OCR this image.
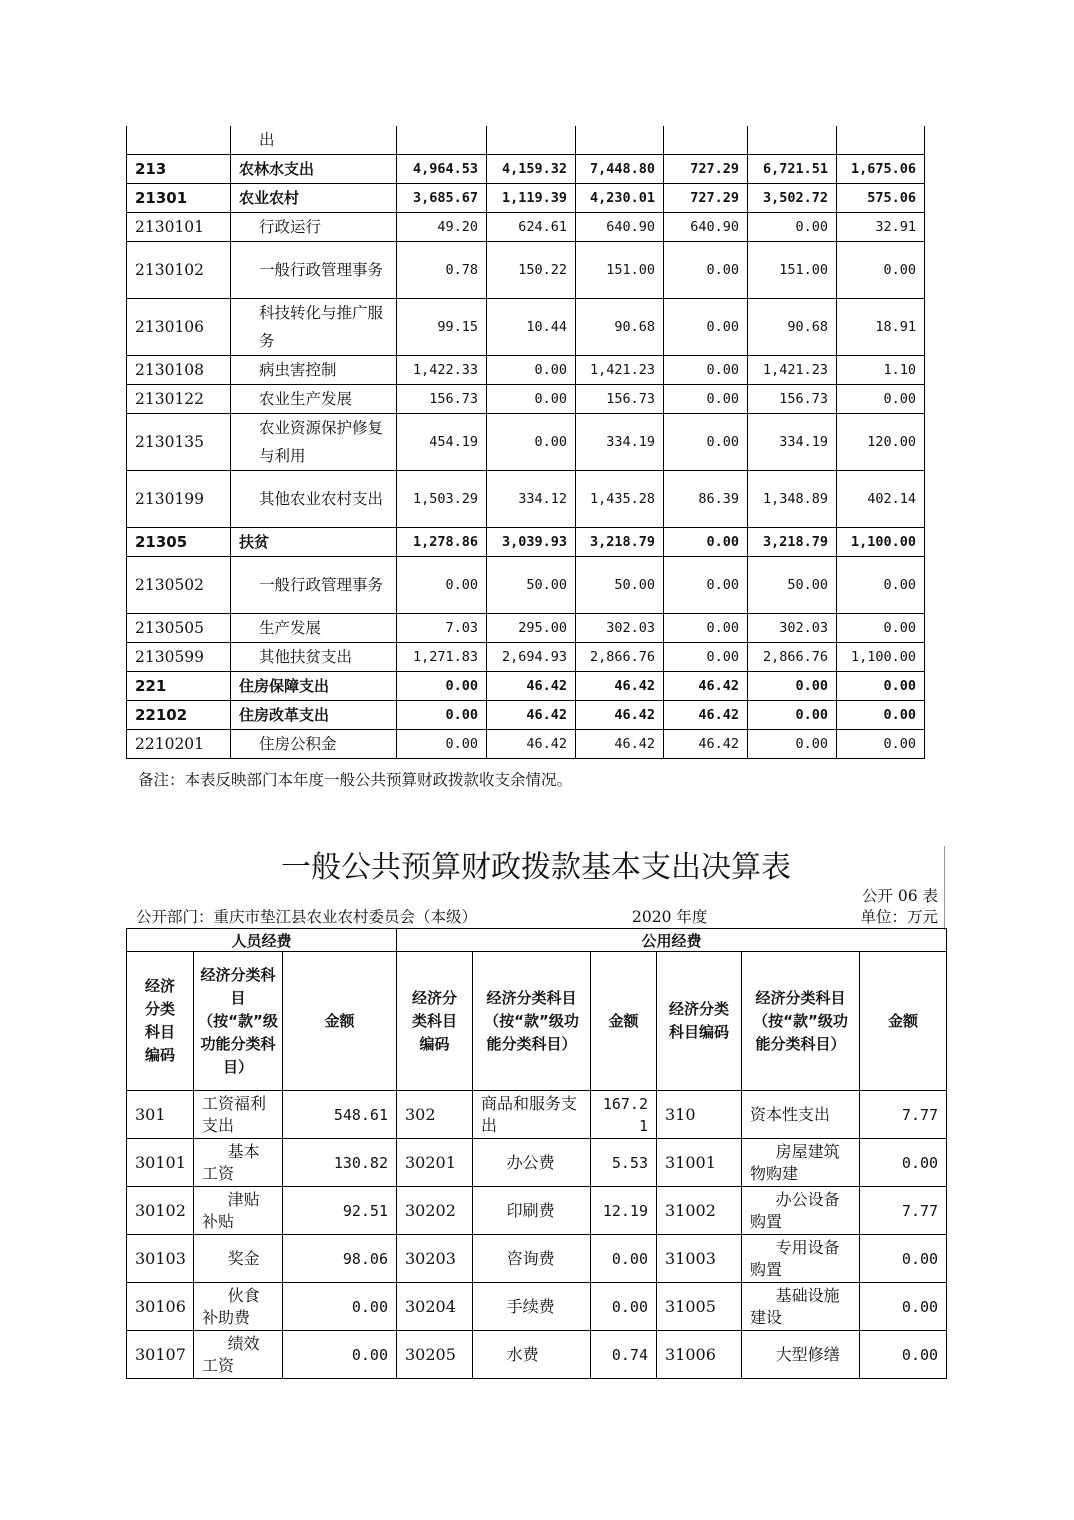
	出						
213	农林水支出	4,964.53	4,159.32	7,448.80	727.29	6,721.51	1,675.06
21301	农业农村	3,685.67	1,119.39	4,230.01	727.29	3,502.72	575.06
2130101	行政运行	49.20	624.61	640.90	640.90	0.00	32.91
2130102	一般行政管理事务	0.78	150.22	151.00	0.00	151.00	0.00
2130106	科技转化与推广服务	99.15	10.44	90.68	0.00	90.68	18.91
2130108	病虫害控制	1,422.33	0.00	1,421.23	0.00	1,421.23	1.10
2130122	农业生产发展	156.73	0.00	156.73	0.00	156.73	0.00
2130135	农业资源保护修复与利用	454.19	0.00	334.19	0.00	334.19	120.00
2130199	其他农业农村支出	1,503.29	334.12	1,435.28	86.39	1,348.89	402.14
21305	扶贫	1,278.86	3,039.93	3,218.79	0.00	3,218.79	1,100.00
2130502	一般行政管理事务	0.00	50.00	50.00	0.00	50.00	0.00
2130505	生产发展	7.03	295.00	302.03	0.00	302.03	0.00
2130599	其他扶贫支出	1,271.83	2,694.93	2,866.76	0.00	2,866.76	1,100.00
221	住房保障支出	0.00	46.42	46.42	46.42	0.00	0.00
22102	住房改革支出	0.00	46.42	46.42	46.42	0.00	0.00
2210201	住房公积金	0.00	46.42	46.42	46.42	0.00	0.00
备注：本表反映部门本年度一般公共预算财政拨款收支余情况。
一般公共预算财政拨款基本支出决算表
公开 06 表
公开部门：重庆市垫江县农业农村委员会（本级）	2020 年度	单位：万元
人员经费			公用经费					
经济分类科目编码	经济分类科目（按“款”级功能分类科目）	金额	经济分类科目编码	经济分类科目（按“款”级功能分类科目）	金额	经济分类科目编码	经济分类科目（按“款”级功能分类科目）	金额
301	工资福利支出	548.61	302	商品和服务支出	167.21	310	资本性支出	7.77
30101	基本工资	130.82	30201	办公费	5.53	31001	房屋建筑物购建	0.00
30102	津贴补贴	92.51	30202	印刷费	12.19	31002	办公设备购置	7.77
30103	奖金	98.06	30203	咨询费	0.00	31003	专用设备购置	0.00
30106	伙食补助费	0.00	30204	手续费	0.00	31005	基础设施建设	0.00
30107	绩效工资	0.00	30205	水费	0.74	31006	大型修缮	0.00
